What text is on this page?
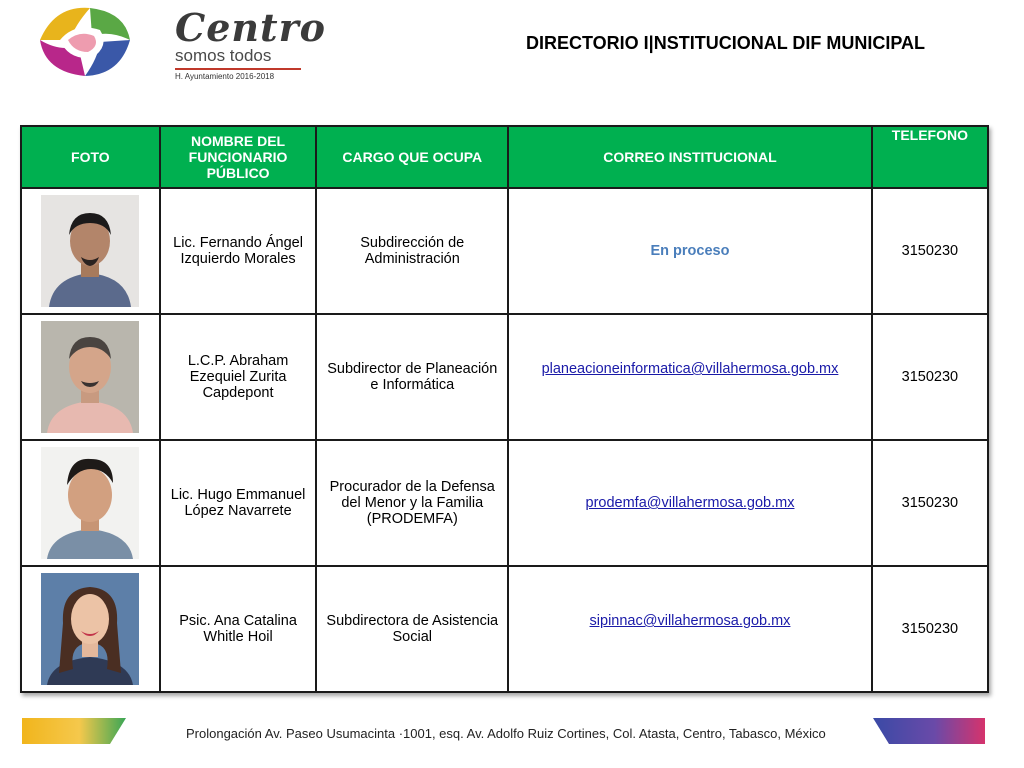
Centro
somos todos
H. Ayuntamiento 2016-2018
DIRECTORIO I|NSTITUCIONAL DIF MUNICIPAL
FOTO	NOMBRE DEL FUNCIONARIO PÚBLICO	CARGO QUE OCUPA	CORREO INSTITUCIONAL	TELEFONO

	Lic. Fernando Ángel Izquierdo Morales	Subdirección de Administración	En proceso	3150230

	L.C.P. Abraham Ezequiel Zurita Capdepont	Subdirector de Planeación e Informática	planeacioneinformatica@villahermosa.gob.mx	3150230

	Lic. Hugo Emmanuel López Navarrete	Procurador de la Defensa del Menor y la Familia (PRODEMFA)	prodemfa@villahermosa.gob.mx	3150230

	Psic. Ana Catalina Whitle Hoil	Subdirectora de Asistencia Social	sipinnac@villahermosa.gob.mx	3150230
Prolongación Av. Paseo Usumacinta ·1001, esq. Av. Adolfo Ruiz Cortines, Col. Atasta, Centro, Tabasco, México
